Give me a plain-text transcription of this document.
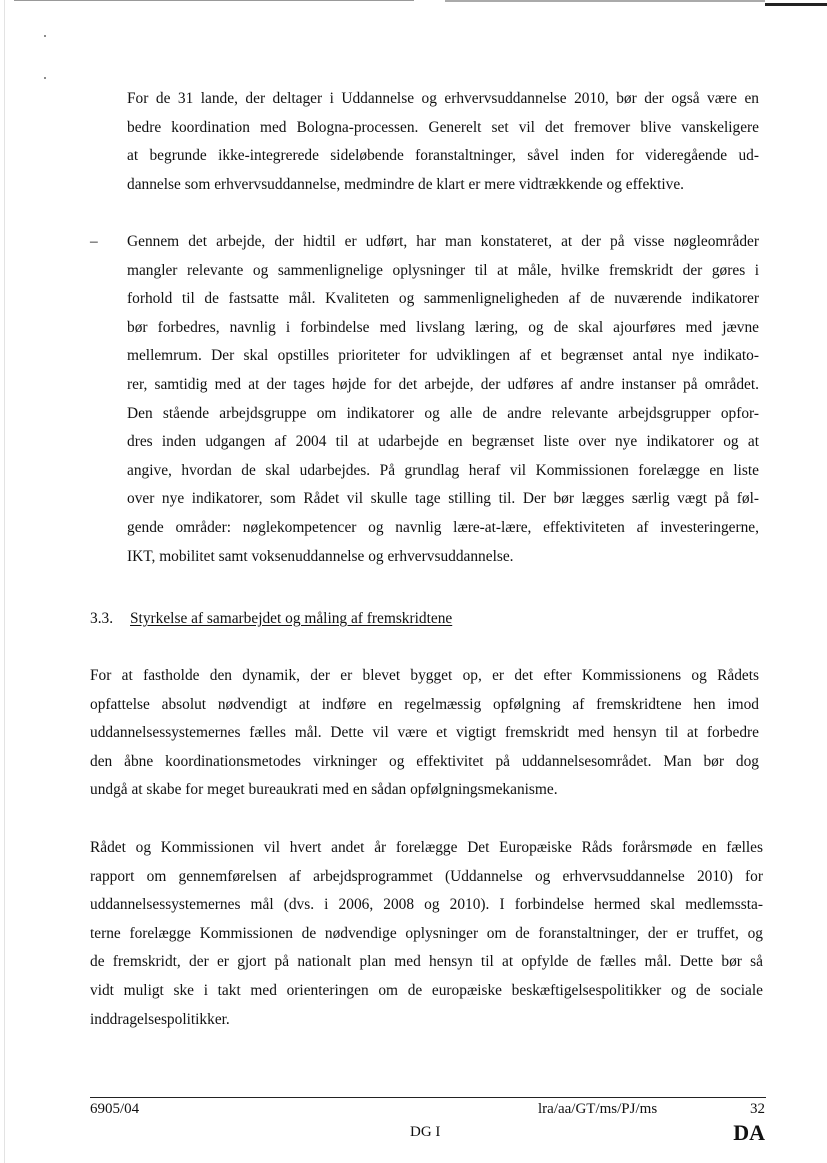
For de 31 lande, der deltager i Uddannelse og erhvervsuddannelse 2010, bør der også være en
bedre koordination med Bologna-processen. Generelt set vil det fremover blive vanskeligere
at begrunde ikke-integrerede sideløbende foranstaltninger, såvel inden for videregående ud-
dannelse som erhvervsuddannelse, medmindre de klart er mere vidtrækkende og effektive.
– Gennem det arbejde, der hidtil er udført, har man konstateret, at der på visse nøgleområder
mangler relevante og sammenlignelige oplysninger til at måle, hvilke fremskridt der gøres i
forhold til de fastsatte mål. Kvaliteten og sammenligneligheden af de nuværende indikatorer
bør forbedres, navnlig i forbindelse med livslang læring, og de skal ajourføres med jævne
mellemrum. Der skal opstilles prioriteter for udviklingen af et begrænset antal nye indikato-
rer, samtidig med at der tages højde for det arbejde, der udføres af andre instanser på området.
Den stående arbejdsgruppe om indikatorer og alle de andre relevante arbejdsgrupper opfor-
dres inden udgangen af 2004 til at udarbejde en begrænset liste over nye indikatorer og at
angive, hvordan de skal udarbejdes. På grundlag heraf vil Kommissionen forelægge en liste
over nye indikatorer, som Rådet vil skulle tage stilling til. Der bør lægges særlig vægt på føl-
gende områder: nøglekompetencer og navnlig lære-at-lære, effektiviteten af investeringerne,
IKT, mobilitet samt voksenuddannelse og erhvervsuddannelse.
3.3. Styrkelse af samarbejdet og måling af fremskridtene
For at fastholde den dynamik, der er blevet bygget op, er det efter Kommissionens og Rådets
opfattelse absolut nødvendigt at indføre en regelmæssig opfølgning af fremskridtene hen imod
uddannelsessystemernes fælles mål. Dette vil være et vigtigt fremskridt med hensyn til at forbedre
den åbne koordinationsmetodes virkninger og effektivitet på uddannelsesområdet. Man bør dog
undgå at skabe for meget bureaukrati med en sådan opfølgningsmekanisme.
Rådet og Kommissionen vil hvert andet år forelægge Det Europæiske Råds forårsmøde en fælles
rapport om gennemførelsen af arbejdsprogrammet (Uddannelse og erhvervsuddannelse 2010) for
uddannelsessystemernes mål (dvs. i 2006, 2008 og 2010). I forbindelse hermed skal medlemssta-
terne forelægge Kommissionen de nødvendige oplysninger om de foranstaltninger, der er truffet, og
de fremskridt, der er gjort på nationalt plan med hensyn til at opfylde de fælles mål. Dette bør så
vidt muligt ske i takt med orienteringen om de europæiske beskæftigelsespolitikker og de sociale
inddragelsespolitikker.
6905/04	lra/aa/GT/ms/PJ/ms	32
DG I	DA
